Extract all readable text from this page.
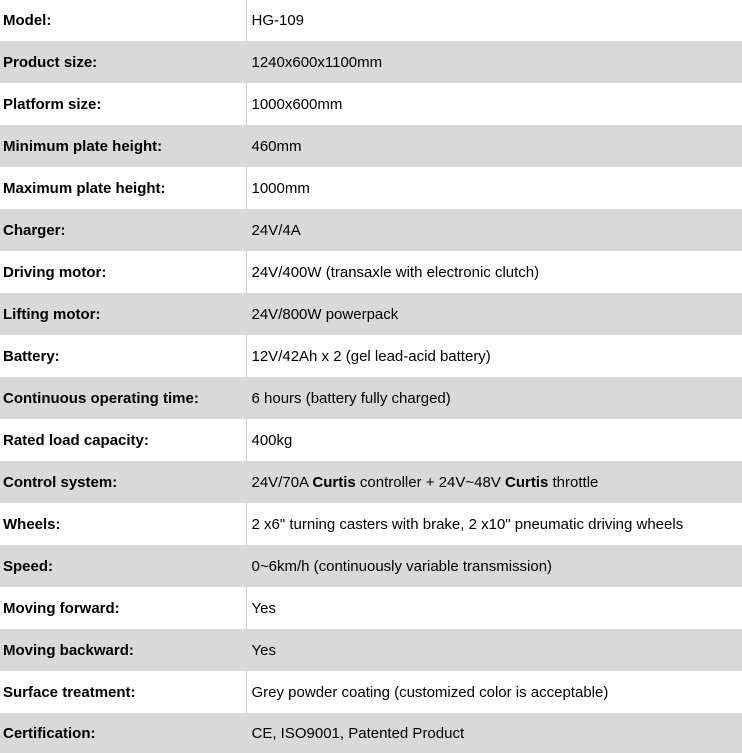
Model:	HG-109
Product size:	1240x600x1100mm
Platform size:	1000x600mm
Minimum plate height:	460mm
Maximum plate height:	1000mm
Charger:	24V/4A
Driving motor:	24V/400W (transaxle with electronic clutch)
Lifting motor:	24V/800W powerpack
Battery:	12V/42Ah x 2 (gel lead-acid battery)
Continuous operating time:	6 hours (battery fully charged)
Rated load capacity:	400kg
Control system:	24V/70A Curtis controller + 24V~48V Curtis throttle
Wheels:	2 x6" turning casters with brake, 2 x10" pneumatic driving wheels
Speed:	0~6km/h (continuously variable transmission)
Moving forward:	Yes
Moving backward:	Yes
Surface treatment:	Grey powder coating (customized color is acceptable)
Certification:	CE, ISO9001, Patented Product
